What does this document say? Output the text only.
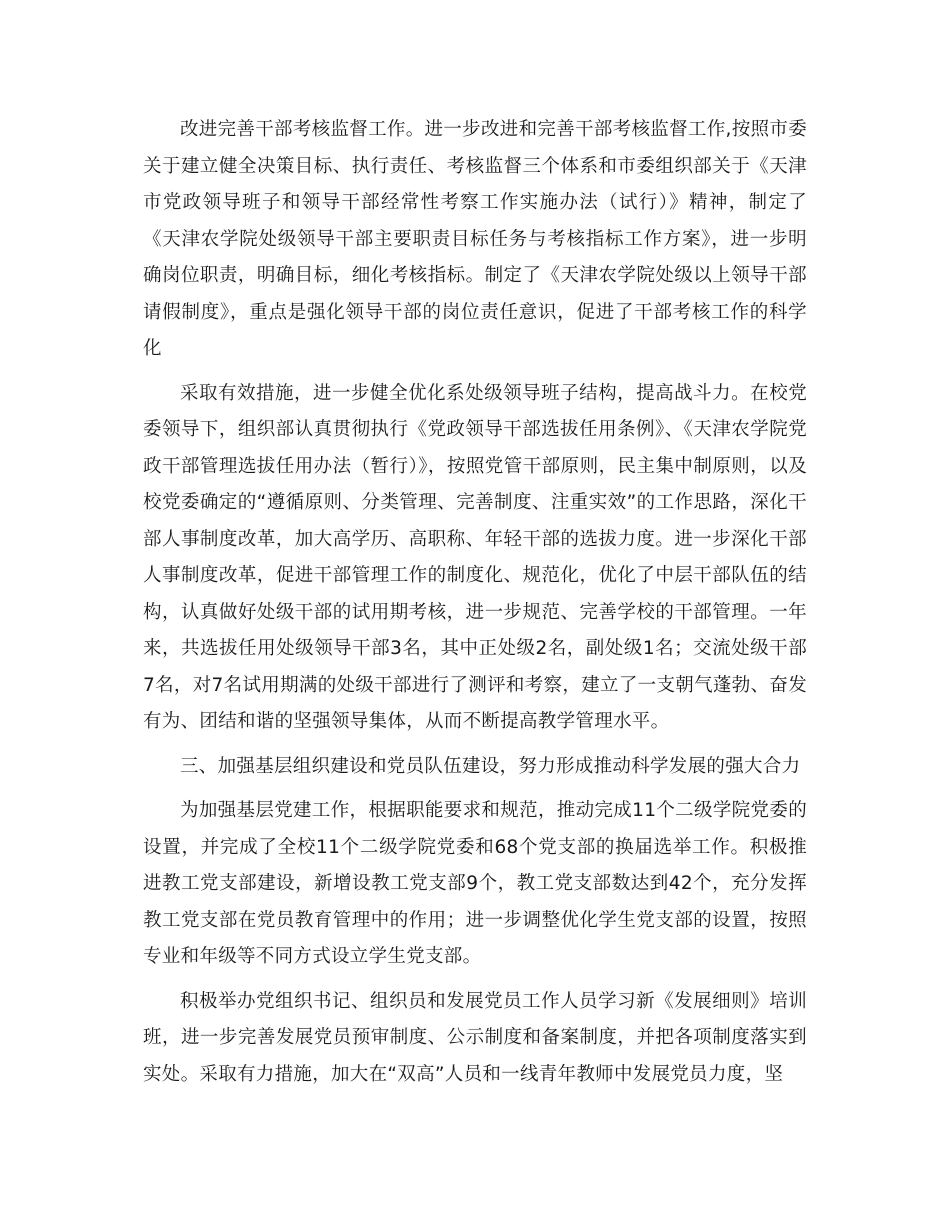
改进完善干部考核监督工作。进一步改进和完善干部考核监督工作,按照市委关于建立健全决策目标、执行责任、考核监督三个体系和市委组织部关于《天津市党政领导班子和领导干部经常性考察工作实施办法（试行）》精神，制定了《天津农学院处级领导干部主要职责目标任务与考核指标工作方案》，进一步明确岗位职责，明确目标，细化考核指标。制定了《天津农学院处级以上领导干部请假制度》，重点是强化领导干部的岗位责任意识，促进了干部考核工作的科学化

采取有效措施，进一步健全优化系处级领导班子结构，提高战斗力。在校党委领导下，组织部认真贯彻执行《党政领导干部选拔任用条例》、《天津农学院党政干部管理选拔任用办法（暂行）》，按照党管干部原则，民主集中制原则，以及校党委确定的“遵循原则、分类管理、完善制度、注重实效”的工作思路，深化干部人事制度改革，加大高学历、高职称、年轻干部的选拔力度。进一步深化干部人事制度改革，促进干部管理工作的制度化、规范化，优化了中层干部队伍的结构，认真做好处级干部的试用期考核，进一步规范、完善学校的干部管理。一年来，共选拔任用处级领导干部3名，其中正处级2名，副处级1名；交流处级干部7名，对7名试用期满的处级干部进行了测评和考察，建立了一支朝气蓬勃、奋发有为、团结和谐的坚强领导集体，从而不断提高教学管理水平。

三、加强基层组织建设和党员队伍建设，努力形成推动科学发展的强大合力

为加强基层党建工作，根据职能要求和规范，推动完成11个二级学院党委的设置，并完成了全校11个二级学院党委和68个党支部的换届选举工作。积极推进教工党支部建设，新增设教工党支部9个，教工党支部数达到42个，充分发挥教工党支部在党员教育管理中的作用；进一步调整优化学生党支部的设置，按照专业和年级等不同方式设立学生党支部。

积极举办党组织书记、组织员和发展党员工作人员学习新《发展细则》培训班，进一步完善发展党员预审制度、公示制度和备案制度，并把各项制度落实到实处。采取有力措施，加大在“双高”人员和一线青年教师中发展党员力度，坚
